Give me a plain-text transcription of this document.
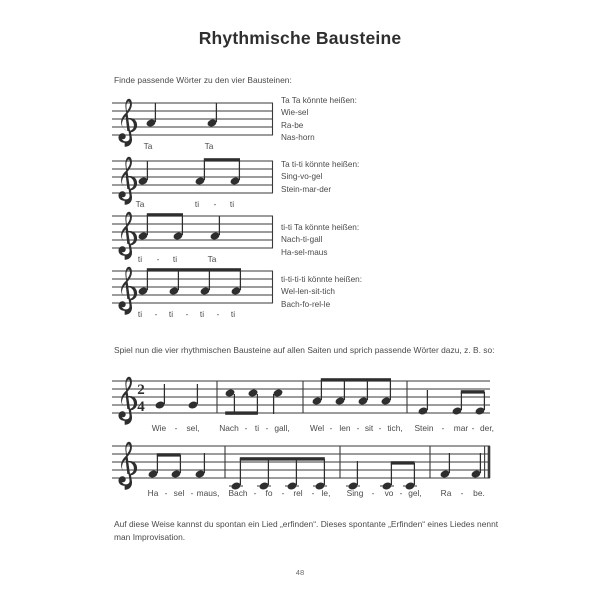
Rhythmische Bausteine
Finde passende Wörter zu den vier Bausteinen:
Ta Ta könnte heißen:
Wie-sel
Ra-be
Nas-horn
Ta	Ta
Ta ti-ti könnte heißen:
Sing-vo-gel
Stein-mar-der
Ta	ti - ti
ti-ti Ta könnte heißen:
Nach-ti-gall
Ha-sel-maus
ti - ti	Ta
ti-ti-ti-ti könnte heißen:
Wel-len-sit-tich
Bach-fo-rel-le
ti - ti - ti - ti
Spiel nun die vier rhythmischen Bausteine auf allen Saiten und sprich passende Wörter dazu, z. B. so:
2
4
Wie - sel, Nach - ti - gall, Wel - len - sit - tich, Stein - mar - der,
Ha - sel - maus, Bach - fo - rel - le, Sing - vo - gel, Ra - be.
Auf diese Weise kannst du spontan ein Lied „erfinden“. Dieses spontante „Erfinden“ eines Liedes nennt man Improvisation.
48
